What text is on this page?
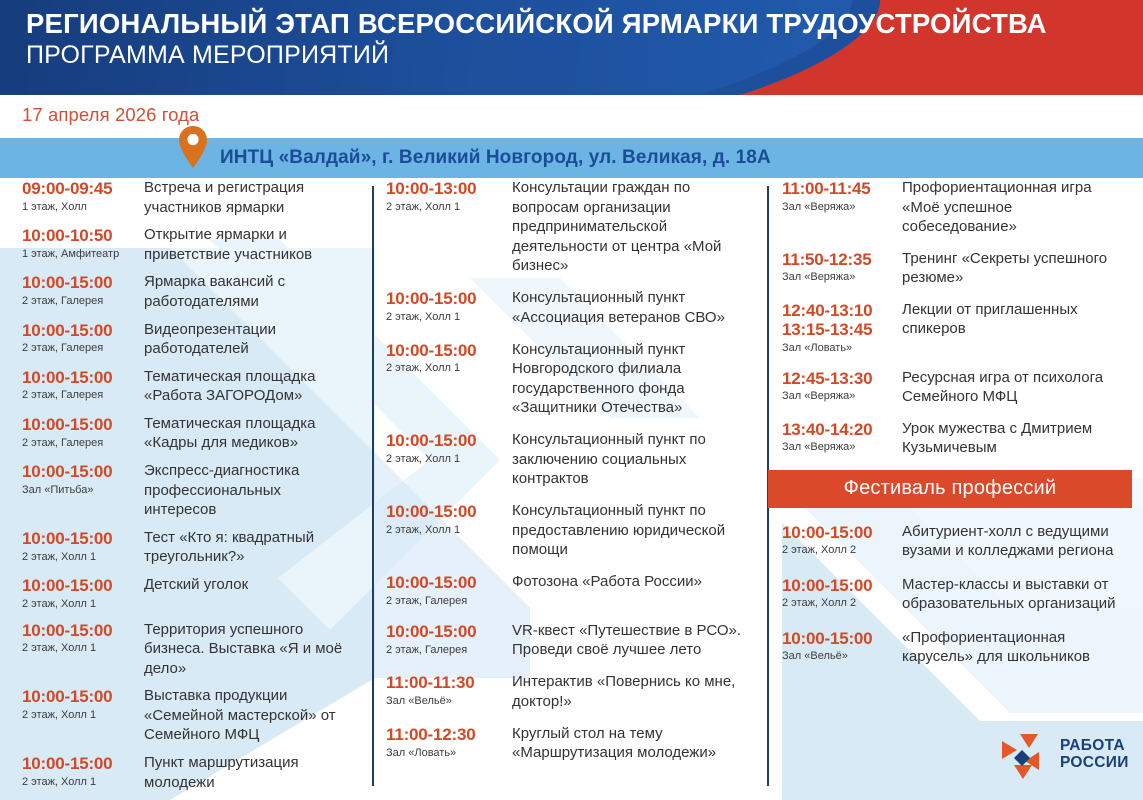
РЕГИОНАЛЬНЫЙ ЭТАП ВСЕРОССИЙСКОЙ ЯРМАРКИ ТРУДОУСТРОЙСТВА
ПРОГРАММА МЕРОПРИЯТИЙ
17 апреля 2026 года
ИНТЦ «Валдай», г. Великий Новгород, ул. Великая, д. 18А
09:00-09:45
1 этаж, Холл
Встреча и регистрация участников ярмарки
10:00-10:50
1 этаж, Амфитеатр
Открытие ярмарки и приветствие участников
10:00-15:00
2 этаж, Галерея
Ярмарка вакансий с работодателями
10:00-15:00
2 этаж, Галерея
Видеопрезентации работодателей
10:00-15:00
2 этаж, Галерея
Тематическая площадка «Работа ЗАГОРОДом»
10:00-15:00
2 этаж, Галерея
Тематическая площадка «Кадры для медиков»
10:00-15:00
Зал «Питьба»
Экспресс-диагностика профессиональных интересов
10:00-15:00
2 этаж, Холл 1
Тест «Кто я: квадратный треугольник?»
10:00-15:00
2 этаж, Холл 1
Детский уголок
10:00-15:00
2 этаж, Холл 1
Территория успешного бизнеса. Выставка «Я и моё дело»
10:00-15:00
2 этаж, Холл 1
Выставка продукции «Семейной мастерской» от Семейного МФЦ
10:00-15:00
2 этаж, Холл 1
Пункт маршрутизация молодежи
10:00-13:00
2 этаж, Холл 1
Консультации граждан по вопросам организации предпринимательской деятельности от центра «Мой бизнес»
10:00-15:00
2 этаж, Холл 1
Консультационный пункт «Ассоциация ветеранов СВО»
10:00-15:00
2 этаж, Холл 1
Консультационный пункт Новгородского филиала государственного фонда «Защитники Отечества»
10:00-15:00
2 этаж, Холл 1
Консультационный пункт по заключению социальных контрактов
10:00-15:00
2 этаж, Холл 1
Консультационный пункт по предоставлению юридической помощи
10:00-15:00
2 этаж, Галерея
Фотозона «Работа России»
10:00-15:00
2 этаж, Галерея
VR-квест «Путешествие в РСО». Проведи своё лучшее лето
11:00-11:30
Зал «Вельё»
Интерактив «Повернись ко мне, доктор!»
11:00-12:30
Зал «Ловать»
Круглый стол на тему «Маршрутизация молодежи»
11:00-11:45
Зал «Веряжа»
Профориентационная игра «Моё успешное собеседование»
11:50-12:35
Зал «Веряжа»
Тренинг «Секреты успешного резюме»
12:40-13:10
13:15-13:45
Зал «Ловать»
Лекции от приглашенных спикеров
12:45-13:30
Зал «Веряжа»
Ресурсная игра от психолога Семейного МФЦ
13:40-14:20
Зал «Веряжа»
Урок мужества с Дмитрием Кузьмичевым
Фестиваль профессий
10:00-15:00
2 этаж, Холл 2
Абитуриент-холл с ведущими вузами и колледжами региона
10:00-15:00
2 этаж, Холл 2
Мастер-классы и выставки от образовательных организаций
10:00-15:00
Зал «Вельё»
«Профориентационная карусель» для школьников
РАБОТА
РОССИИ
